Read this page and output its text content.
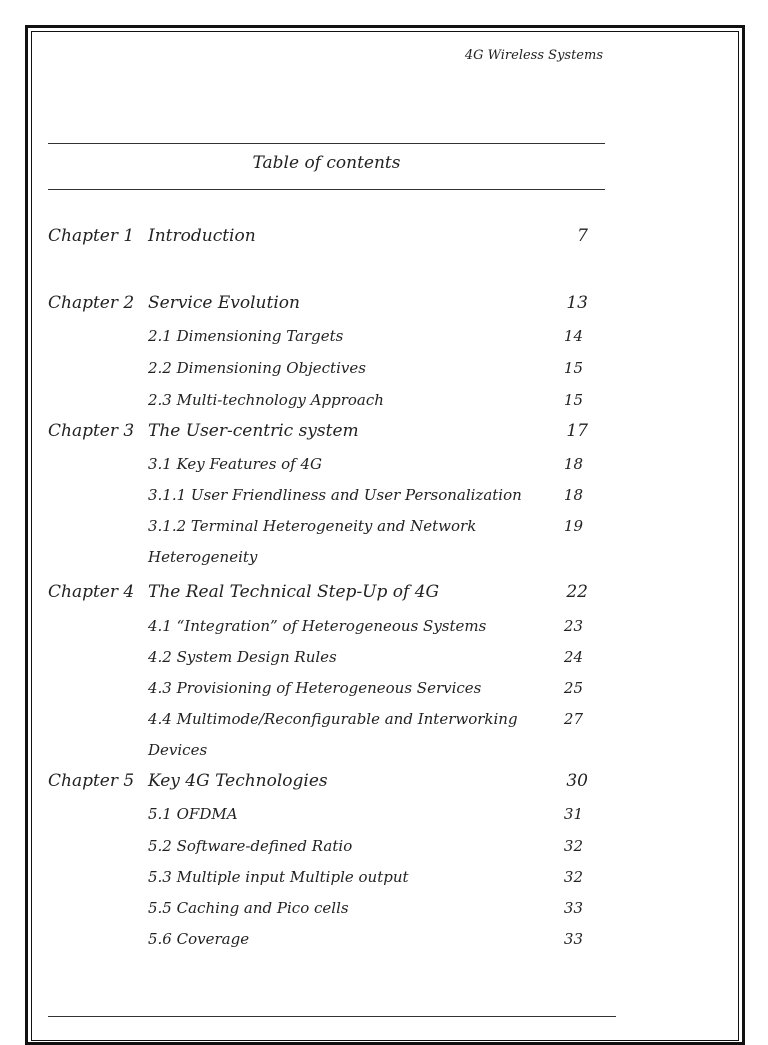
4G Wireless Systems
Table of contents
Chapter 1 Introduction	7
Chapter 2 Service Evolution	13
2.1 Dimensioning Targets	14
2.2 Dimensioning Objectives	15
2.3 Multi-technology Approach	15
Chapter 3 The User-centric system	17
3.1 Key Features of 4G	18
3.1.1 User Friendliness and User Personalization	18
3.1.2 Terminal Heterogeneity and Network	19
Heterogeneity
Chapter 4 The Real Technical Step-Up of 4G	22
4.1 “Integration” of Heterogeneous Systems	23
4.2 System Design Rules	24
4.3 Provisioning of Heterogeneous Services	25
4.4 Multimode/Reconfigurable and Interworking	27
Devices
Chapter 5 Key 4G Technologies	30
5.1 OFDMA	31
5.2 Software-defined Ratio	32
5.3 Multiple input Multiple output	32
5.5 Caching and Pico cells	33
5.6 Coverage	33
